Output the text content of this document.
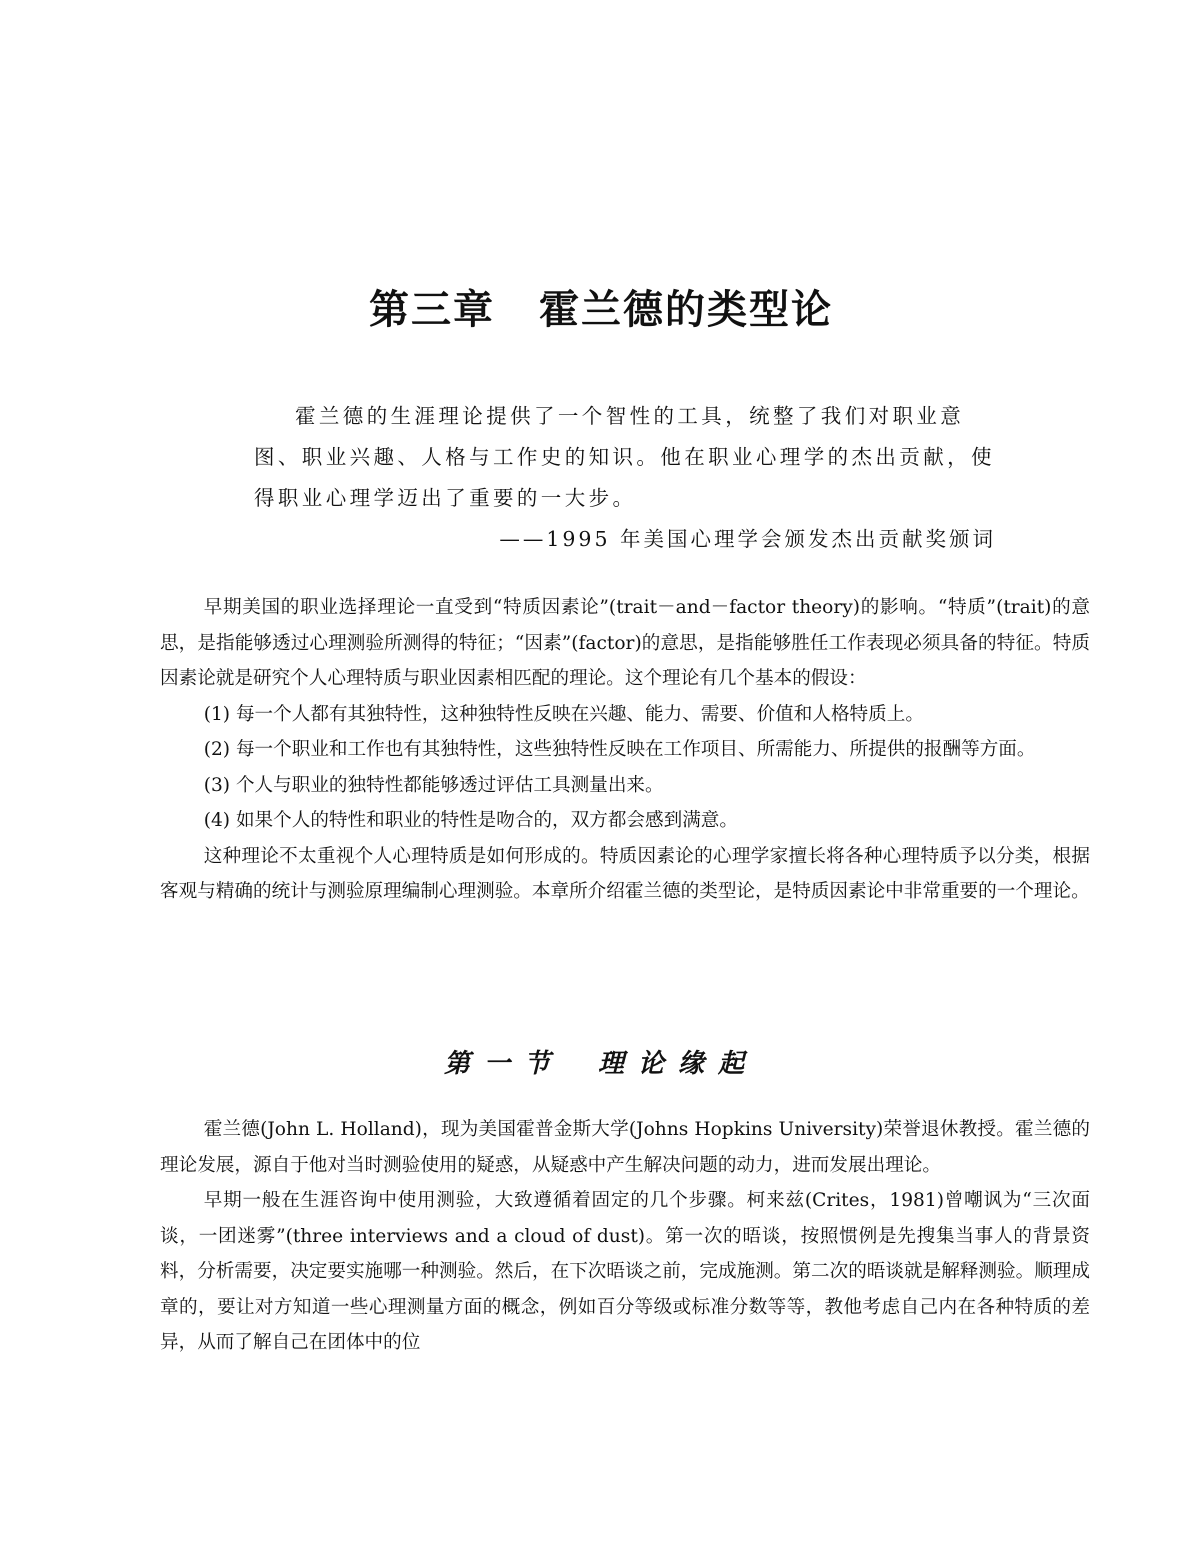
第三章 霍兰德的类型论

霍兰德的生涯理论提供了一个智性的工具，统整了我们对职业意图、职业兴趣、人格与工作史的知识。他在职业心理学的杰出贡献，使得职业心理学迈出了重要的一大步。

——1995 年美国心理学会颁发杰出贡献奖颁词

早期美国的职业选择理论一直受到“特质因素论”(trait－and－factor theory)的影响。“特质”(trait)的意思，是指能够透过心理测验所测得的特征；“因素”(factor)的意思，是指能够胜任工作表现必须具备的特征。特质因素论就是研究个人心理特质与职业因素相匹配的理论。这个理论有几个基本的假设：

(1) 每一个人都有其独特性，这种独特性反映在兴趣、能力、需要、价值和人格特质上。

(2) 每一个职业和工作也有其独特性，这些独特性反映在工作项目、所需能力、所提供的报酬等方面。

(3) 个人与职业的独特性都能够透过评估工具测量出来。

(4) 如果个人的特性和职业的特性是吻合的，双方都会感到满意。

这种理论不太重视个人心理特质是如何形成的。特质因素论的心理学家擅长将各种心理特质予以分类，根据客观与精确的统计与测验原理编制心理测验。本章所介绍霍兰德的类型论，是特质因素论中非常重要的一个理论。

第一节 理论缘起

霍兰德(John L. Holland)，现为美国霍普金斯大学(Johns Hopkins University)荣誉退休教授。霍兰德的理论发展，源自于他对当时测验使用的疑惑，从疑惑中产生解决问题的动力，进而发展出理论。

早期一般在生涯咨询中使用测验，大致遵循着固定的几个步骤。柯来兹(Crites，1981)曾嘲讽为“三次面谈，一团迷雾”(three interviews and a cloud of dust)。第一次的晤谈，按照惯例是先搜集当事人的背景资料，分析需要，决定要实施哪一种测验。然后，在下次晤谈之前，完成施测。第二次的晤谈就是解释测验。顺理成章的，要让对方知道一些心理测量方面的概念，例如百分等级或标准分数等等，教他考虑自己内在各种特质的差异，从而了解自己在团体中的位
